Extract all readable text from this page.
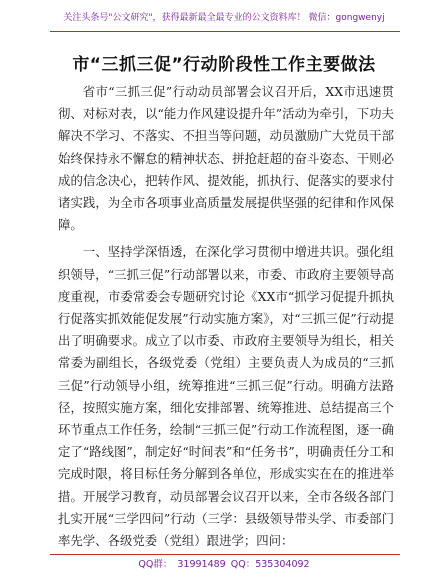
关注头条号"公文研究"，获得最新最全最专业的公文资料库！ 微信：gongwenyj
市“三抓三促”行动阶段性工作主要做法

省市“三抓三促”行动动员部署会议召开后，XX市迅速贯彻、对标对表，以“能力作风建设提升年”活动为牵引，下功夫解决不学习、不落实、不担当等问题，动员激励广大党员干部始终保持永不懈怠的精神状态、拼抢赶超的奋斗姿态、干则必成的信念决心，把转作风、提效能，抓执行、促落实的要求付诸实践，为全市各项事业高质量发展提供坚强的纪律和作风保障。

一、坚持学深悟透，在深化学习贯彻中增进共识。强化组织领导，“三抓三促”行动部署以来，市委、市政府主要领导高度重视，市委常委会专题研究讨论《XX市“抓学习促提升抓执行促落实抓效能促发展”行动实施方案》，对“三抓三促”行动提出了明确要求。成立了以市委、市政府主要领导为组长，相关常委为副组长，各级党委（党组）主要负责人为成员的“三抓三促”行动领导小组，统筹推进“三抓三促”行动。明确方法路径，按照实施方案，细化安排部署、统筹推进、总结提高三个环节重点工作任务，绘制“三抓三促”行动工作流程图，逐一确定了“路线图”，制定好“时间表”和“任务书”，明确责任分工和完成时限，将目标任务分解到各单位，形成实实在在的推进举措。开展学习教育，动员部署会议召开以来，全市各级各部门扎实开展“三学四问”行动（三学：县级领导带头学、市委部门率先学、各级党委（党组）跟进学；四问：

QQ群： 31991489 QQ：535304092
